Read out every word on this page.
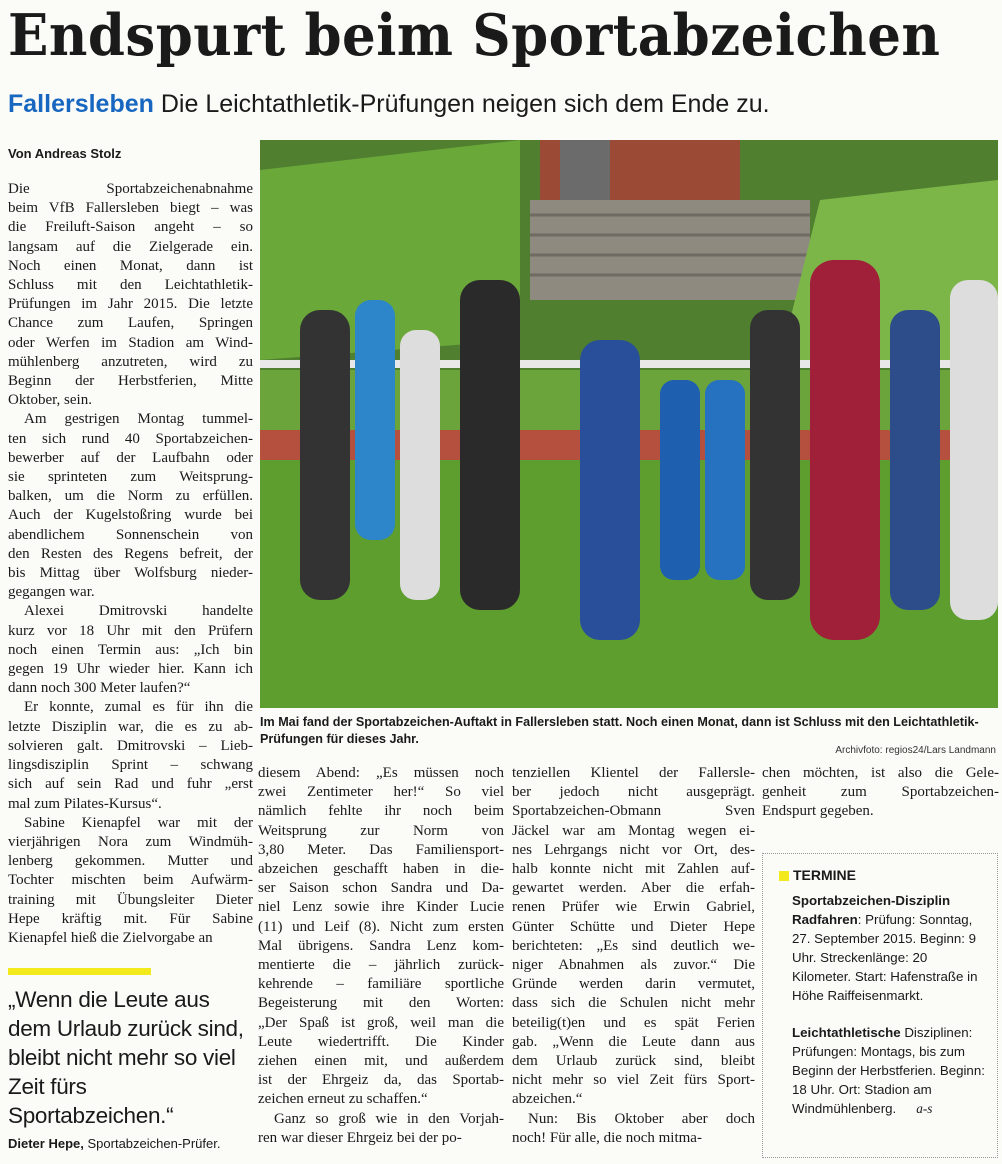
Endspurt beim Sportabzeichen
Fallersleben Die Leichtathletik-Prüfungen neigen sich dem Ende zu.
Von Andreas Stolz
Die Sportabzeichenabnahme
beim VfB Fallersleben biegt – was
die Freiluft-Saison angeht – so
langsam auf die Zielgerade ein.
Noch einen Monat, dann ist
Schluss mit den Leichtathletik-
Prüfungen im Jahr 2015. Die letzte
Chance zum Laufen, Springen
oder Werfen im Stadion am Wind-
mühlenberg anzutreten, wird zu
Beginn der Herbstferien, Mitte
Oktober, sein.
Am gestrigen Montag tummel-
ten sich rund 40 Sportabzeichen-
bewerber auf der Laufbahn oder
sie sprinteten zum Weitsprung-
balken, um die Norm zu erfüllen.
Auch der Kugelstoßring wurde bei
abendlichem Sonnenschein von
den Resten des Regens befreit, der
bis Mittag über Wolfsburg nieder-
gegangen war.
Alexei Dmitrovski handelte
kurz vor 18 Uhr mit den Prüfern
noch einen Termin aus: „Ich bin
gegen 19 Uhr wieder hier. Kann ich
dann noch 300 Meter laufen?“
Er konnte, zumal es für ihn die
letzte Disziplin war, die es zu ab-
solvieren galt. Dmitrovski – Lieb-
lingsdisziplin Sprint – schwang
sich auf sein Rad und fuhr „erst
mal zum Pilates-Kursus“.
Sabine Kienapfel war mit der
vierjährigen Nora zum Windmüh-
lenberg gekommen. Mutter und
Tochter mischten beim Aufwärm-
training mit Übungsleiter Dieter
Hepe kräftig mit. Für Sabine
Kienapfel hieß die Zielvorgabe an
diesem Abend: „Es müssen noch
zwei Zentimeter her!“ So viel
nämlich fehlte ihr noch beim
Weitsprung zur Norm von
3,80 Meter. Das Familiensport-
abzeichen geschafft haben in die-
ser Saison schon Sandra und Da-
niel Lenz sowie ihre Kinder Lucie
(11) und Leif (8). Nicht zum ersten
Mal übrigens. Sandra Lenz kom-
mentierte die – jährlich zurück-
kehrende – familiäre sportliche
Begeisterung mit den Worten:
„Der Spaß ist groß, weil man die
Leute wiedertrifft. Die Kinder
ziehen einen mit, und außerdem
ist der Ehrgeiz da, das Sportab-
zeichen erneut zu schaffen.“
Ganz so groß wie in den Vorjah-
ren war dieser Ehrgeiz bei der po-
tenziellen Klientel der Fallersle-
ber jedoch nicht ausgeprägt.
Sportabzeichen-Obmann Sven
Jäckel war am Montag wegen ei-
nes Lehrgangs nicht vor Ort, des-
halb konnte nicht mit Zahlen auf-
gewartet werden. Aber die erfah-
renen Prüfer wie Erwin Gabriel,
Günter Schütte und Dieter Hepe
berichteten: „Es sind deutlich we-
niger Abnahmen als zuvor.“ Die
Gründe werden darin vermutet,
dass sich die Schulen nicht mehr
beteilig(t)en und es spät Ferien
gab. „Wenn die Leute dann aus
dem Urlaub zurück sind, bleibt
nicht mehr so viel Zeit fürs Sport-
abzeichen.“
Nun: Bis Oktober aber doch
noch! Für alle, die noch mitma-
chen möchten, ist also die Gele-
genheit zum Sportabzeichen-
Endspurt gegeben.
Im Mai fand der Sportabzeichen-Auftakt in Fallersleben statt. Noch einen Monat, dann ist Schluss mit den Leichtathletik-Prüfungen für dieses Jahr.
Archivfoto: regios24/Lars Landmann
„Wenn die Leute aus dem Urlaub zurück sind, bleibt nicht mehr so viel Zeit fürs Sportabzeichen.“
Dieter Hepe, Sportabzeichen-Prüfer.
TERMINE
Sportabzeichen-Disziplin Radfahren: Prüfung: Sonntag, 27. September 2015. Beginn: 9 Uhr. Streckenlänge: 20 Kilometer. Start: Hafenstraße in Höhe Raiffeisenmarkt.
Leichtathletische Disziplinen: Prüfungen: Montags, bis zum Beginn der Herbstferien. Beginn: 18 Uhr. Ort: Stadion am Windmühlenberg. a-s
